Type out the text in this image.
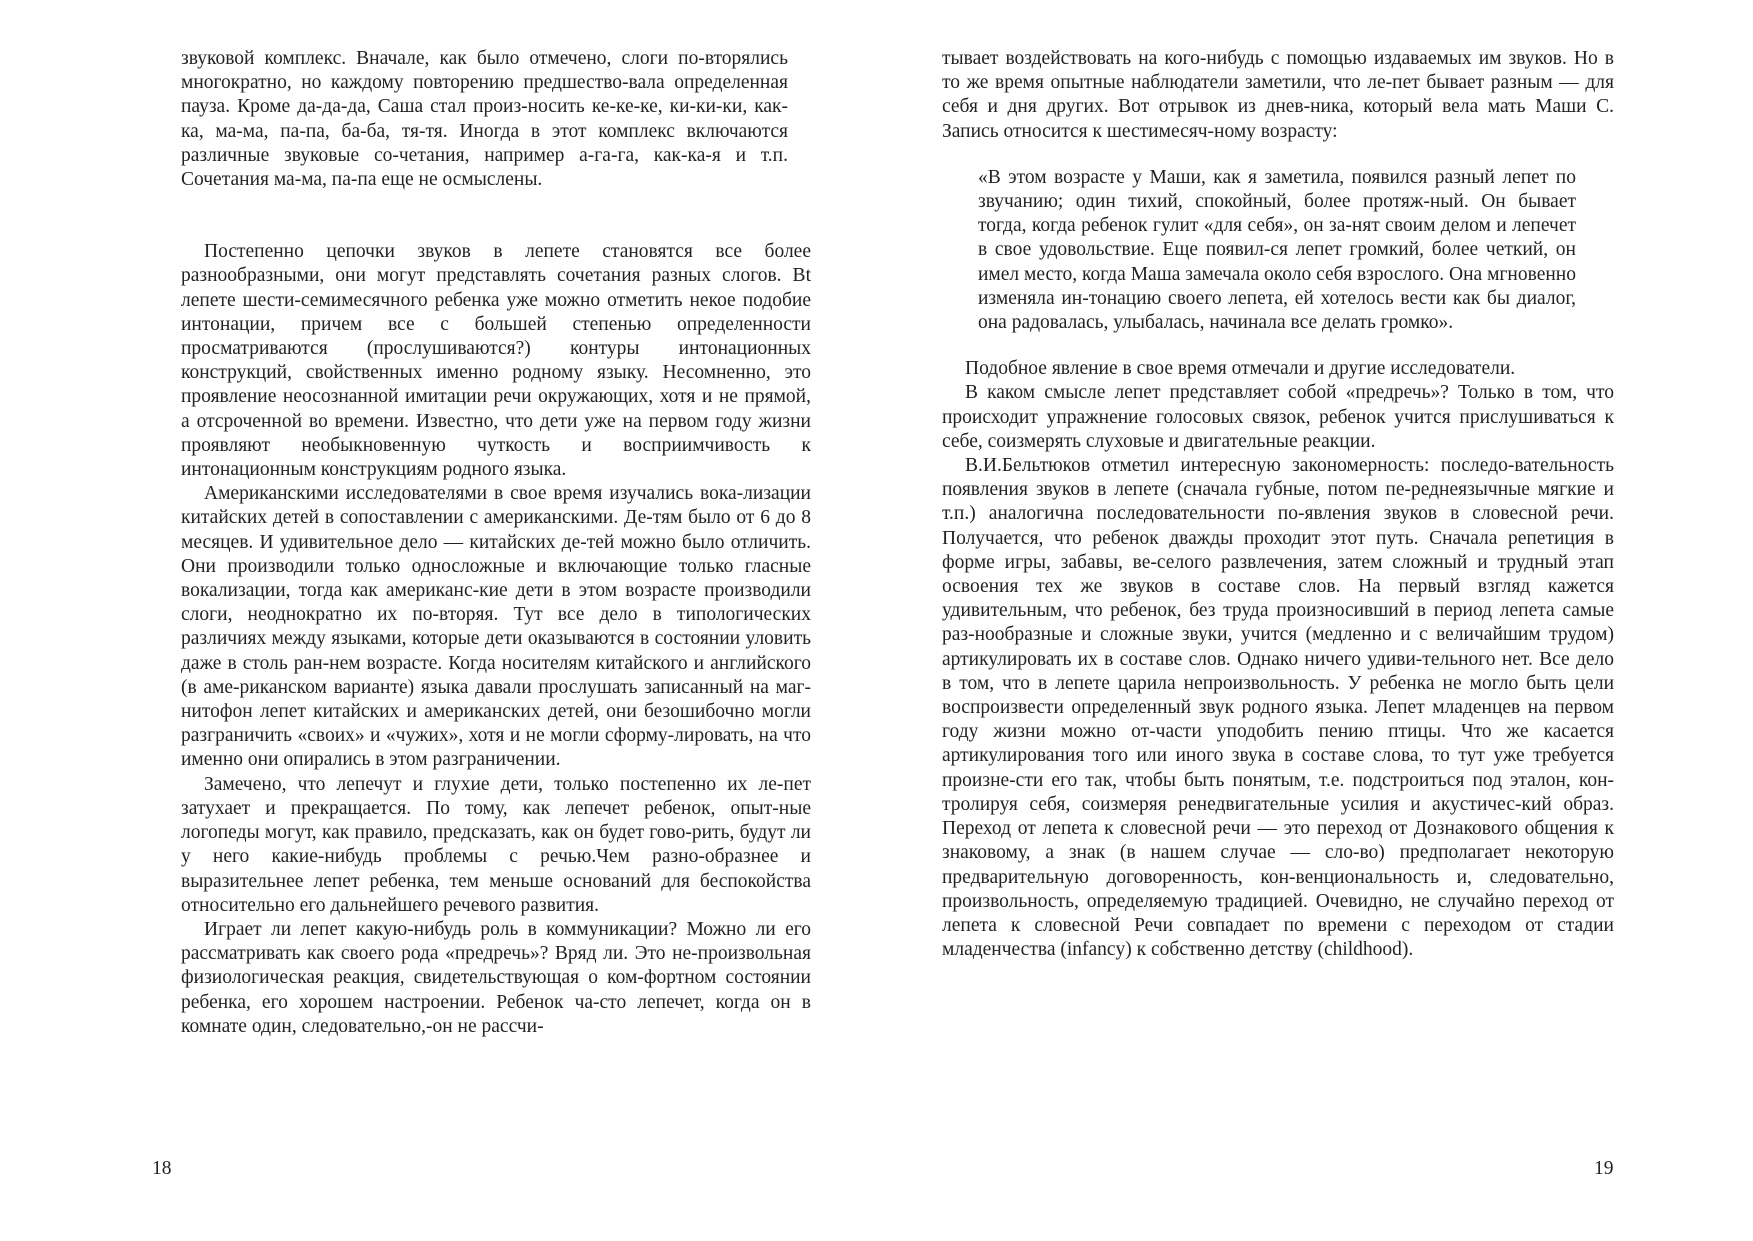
звуковой комплекс. Вначале, как было отмечено, слоги по-вторялись многократно, но каждому повторению предшество-вала определенная пауза. Кроме да-да-да, Саша стал произ-носить ке-ке-ке, ки-ки-ки, как-ка, ма-ма, па-па, ба-ба, тя-тя. Иногда в этот комплекс включаются различные звуковые со-четания, например а-га-га, как-ка-я и т.п. Сочетания ма-ма, па-па еще не осмыслены.

Постепенно цепочки звуков в лепете становятся все более разнообразными, они могут представлять сочетания разных слогов. Вt лепете шести-семимесячного ребенка уже можно отметить некое подобие интонации, причем все с большей степенью определенности просматриваются (прослушиваются?) контуры интонационных конструкций, свойственных именно родному языку. Несомненно, это проявление неосознанной имитации речи окружающих, хотя и не прямой, а отсроченной во времени. Известно, что дети уже на первом году жизни проявляют необыкновенную чуткость и восприимчивость к интонационным конструкциям родного языка.

Американскими исследователями в свое время изучались вока-лизации китайских детей в сопоставлении с американскими. Де-тям было от 6 до 8 месяцев. И удивительное дело — китайских де-тей можно было отличить. Они производили только односложные и включающие только гласные вокализации, тогда как американс-кие дети в этом возрасте производили слоги, неоднократно их по-вторяя. Тут все дело в типологических различиях между языками, которые дети оказываются в состоянии уловить даже в столь ран-нем возрасте. Когда носителям китайского и английского (в аме-риканском варианте) языка давали прослушать записанный на маг-нитофон лепет китайских и американских детей, они безошибочно могли разграничить «своих» и «чужих», хотя и не могли сформу-лировать, на что именно они опирались в этом разграничении.

Замечено, что лепечут и глухие дети, только постепенно их ле-пет затухает и прекращается. По тому, как лепечет ребенок, опыт-ные логопеды могут, как правило, предсказать, как он будет гово-рить, будут ли у него какие-нибудь проблемы с речью.Чем разно-образнее и выразительнее лепет ребенка, тем меньше оснований для беспокойства относительно его дальнейшего речевого развития.

Играет ли лепет какую-нибудь роль в коммуникации? Можно ли его рассматривать как своего рода «предречь»? Вряд ли. Это не-произвольная физиологическая реакция, свидетельствующая о ком-фортном состоянии ребенка, его хорошем настроении. Ребенок ча-сто лепечет, когда он в комнате один, следовательно,-он не рассчи-

18

тывает воздействовать на кого-нибудь с помощью издаваемых им звуков. Но в то же время опытные наблюдатели заметили, что ле-пет бывает разным — для себя и дня других. Вот отрывок из днев-ника, который вела мать Маши С. Запись относится к шестимесяч-ному возрасту:

«В этом возрасте у Маши, как я заметила, появился разный лепет по звучанию; один тихий, спокойный, более протяж-ный. Он бывает тогда, когда ребенок гулит «для себя», он за-нят своим делом и лепечет в свое удовольствие. Еще появил-ся лепет громкий, более четкий, он имел место, когда Маша замечала около себя взрослого. Она мгновенно изменяла ин-тонацию своего лепета, ей хотелось вести как бы диалог, она радовалась, улыбалась, начинала все делать громко».

Подобное явление в свое время отмечали и другие исследователи.

В каком смысле лепет представляет собой «предречь»? Только в том, что происходит упражнение голосовых связок, ребенок учится прислушиваться к себе, соизмерять слуховые и двигательные реакции.

В.И.Бельтюков отметил интересную закономерность: последо-вательность появления звуков в лепете (сначала губные, потом пе-реднеязычные мягкие и т.п.) аналогична последовательности по-явления звуков в словесной речи. Получается, что ребенок дважды проходит этот путь. Сначала репетиция в форме игры, забавы, ве-селого развлечения, затем сложный и трудный этап освоения тех же звуков в составе слов. На первый взгляд кажется удивительным, что ребенок, без труда произносивший в период лепета самые раз-нообразные и сложные звуки, учится (медленно и с величайшим трудом) артикулировать их в составе слов. Однако ничего удиви-тельного нет. Все дело в том, что в лепете царила непроизвольность. У ребенка не могло быть цели воспроизвести определенный звук родного языка. Лепет младенцев на первом году жизни можно от-части уподобить пению птицы. Что же касается артикулирования того или иного звука в составе слова, то тут уже требуется произне-сти его так, чтобы быть понятым, т.е. подстроиться под эталон, кон-тролируя себя, соизмеряя ренедвигательные усилия и акустичес-кий образ. Переход от лепета к словесной речи — это переход от Дознакового общения к знаковому, а знак (в нашем случае — сло-во) предполагает некоторую предварительную договоренность, кон-венциональность и, следовательно, произвольность, определяемую традицией. Очевидно, не случайно переход от лепета к словесной Речи совпадает по времени с переходом от стадии младенчества (infancy) к собственно детству (childhood).

19
